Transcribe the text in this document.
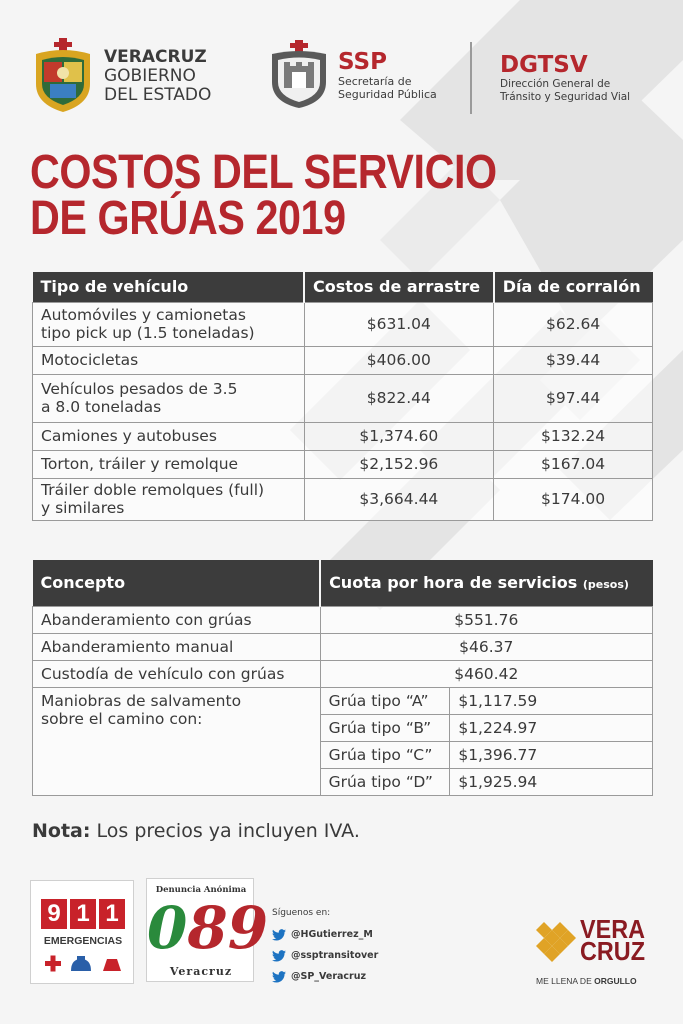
VERACRUZ
GOBIERNO
DEL ESTADO
SSP
Secretaría de
Seguridad Pública
DGTSV
Dirección General de
Tránsito y Seguridad Vial
COSTOS DEL SERVICIO
DE GRÚAS 2019
Tipo de vehículo	Costos de arrastre	Día de corralón
Automóviles y camionetas
tipo pick up (1.5 toneladas)	$631.04	$62.64
Motocicletas	$406.00	$39.44
Vehículos pesados de 3.5
a 8.0 toneladas	$822.44	$97.44
Camiones y autobuses	$1,374.60	$132.24
Torton, tráiler y remolque	$2,152.96	$167.04
Tráiler doble remolques (full)
y similares	$3,664.44	$174.00
Concepto	Cuota por hora de servicios (pesos)	
Abanderamiento con grúas	$551.76	
Abanderamiento manual	$46.37	
Custodía de vehículo con grúas	$460.42	
Maniobras de salvamento
sobre el camino con:	Grúa tipo “A”	$1,117.59
	Grúa tipo “B”	$1,224.97
	Grúa tipo “C”	$1,396.77
	Grúa tipo “D”	$1,925.94
Nota: Los precios ya incluyen IVA.
9 1 1
EMERGENCIAS
Denuncia Anónima
089
Veracruz
Síguenos en:
@HGutierrez_M
@ssptransitover
@SP_Veracruz
VERA
CRUZ
ME LLENA DE ORGULLO
